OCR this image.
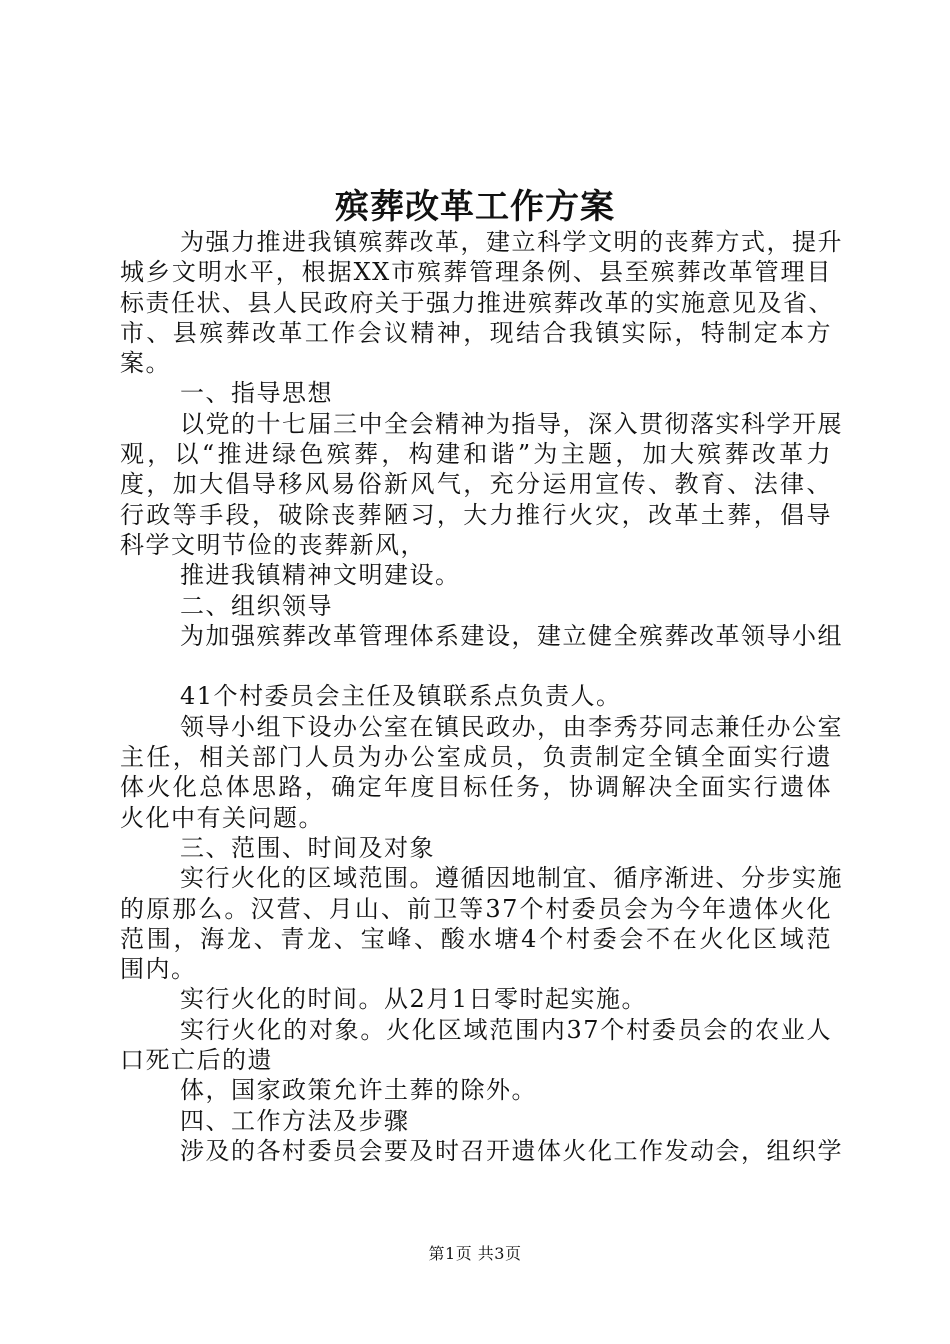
殡葬改革工作方案
为强力推进我镇殡葬改革，建立科学文明的丧葬方式，提升
城乡文明水平，根据XX市殡葬管理条例、县至殡葬改革管理目
标责任状、县人民政府关于强力推进殡葬改革的实施意见及省、
市、县殡葬改革工作会议精神，现结合我镇实际，特制定本方
案。
一、指导思想
以党的十七届三中全会精神为指导，深入贯彻落实科学开展
观，以“推进绿色殡葬，构建和谐”为主题，加大殡葬改革力
度，加大倡导移风易俗新风气，充分运用宣传、教育、法律、
行政等手段，破除丧葬陋习，大力推行火灾，改革土葬，倡导
科学文明节俭的丧葬新风，
推进我镇精神文明建设。
二、组织领导
为加强殡葬改革管理体系建设，建立健全殡葬改革领导小组
41个村委员会主任及镇联系点负责人。
领导小组下设办公室在镇民政办，由李秀芬同志兼任办公室
主任，相关部门人员为办公室成员，负责制定全镇全面实行遗
体火化总体思路，确定年度目标任务，协调解决全面实行遗体
火化中有关问题。
三、范围、时间及对象
实行火化的区域范围。遵循因地制宜、循序渐进、分步实施
的原那么。汉营、月山、前卫等37个村委员会为今年遗体火化
范围，海龙、青龙、宝峰、酸水塘4个村委会不在火化区域范
围内。
实行火化的时间。从2月1日零时起实施。
实行火化的对象。火化区域范围内37个村委员会的农业人
口死亡后的遗
体，国家政策允许土葬的除外。
四、工作方法及步骤
涉及的各村委员会要及时召开遗体火化工作发动会，组织学
第1页 共3页
